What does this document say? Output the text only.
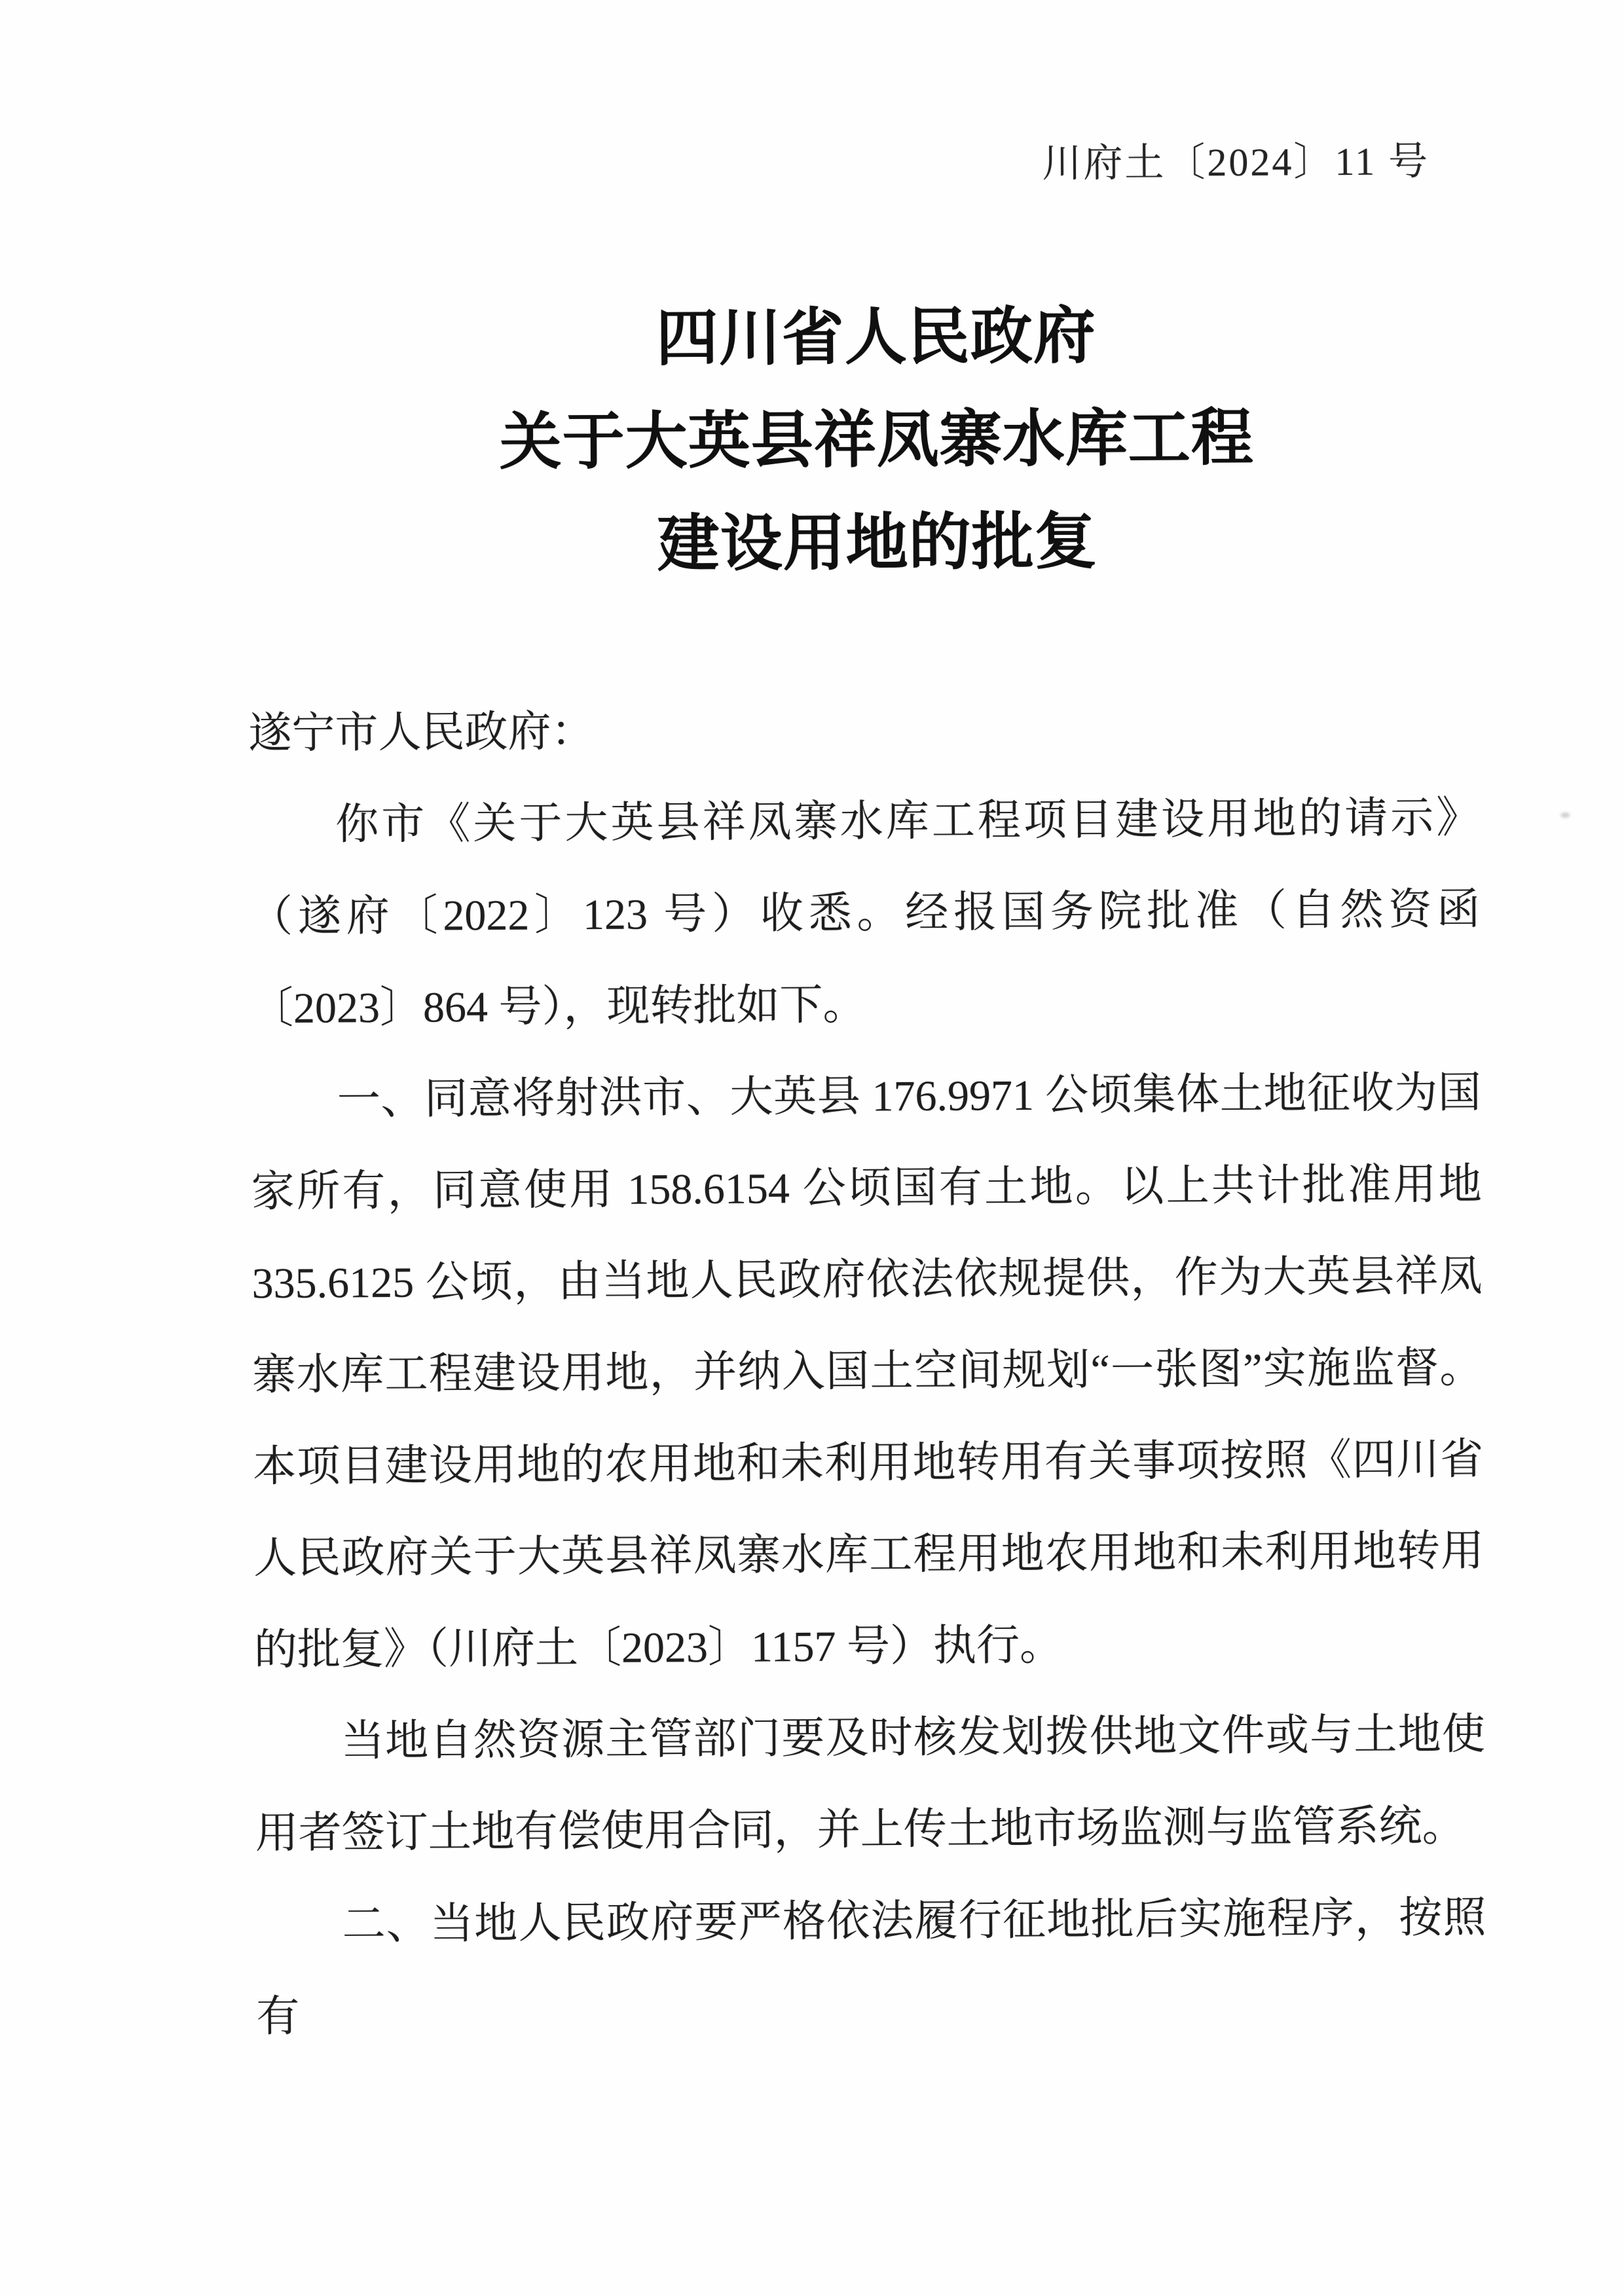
川府土〔2024〕11 号
四川省人民政府
关于大英县祥凤寨水库工程
建设用地的批复

遂宁市人民政府：

你市《关于大英县祥凤寨水库工程项目建设用地的请示》（遂府〔2022〕123 号）收悉。经报国务院批准（自然资函〔2023〕864 号），现转批如下。

一、同意将射洪市、大英县 176.9971 公顷集体土地征收为国家所有，同意使用 158.6154 公顷国有土地。以上共计批准用地 335.6125 公顷，由当地人民政府依法依规提供，作为大英县祥凤寨水库工程建设用地，并纳入国土空间规划“一张图”实施监督。本项目建设用地的农用地和未利用地转用有关事项按照《四川省人民政府关于大英县祥凤寨水库工程用地农用地和未利用地转用的批复》（川府土〔2023〕1157 号）执行。

当地自然资源主管部门要及时核发划拨供地文件或与土地使用者签订土地有偿使用合同，并上传土地市场监测与监管系统。

二、当地人民政府要严格依法履行征地批后实施程序，按照有
